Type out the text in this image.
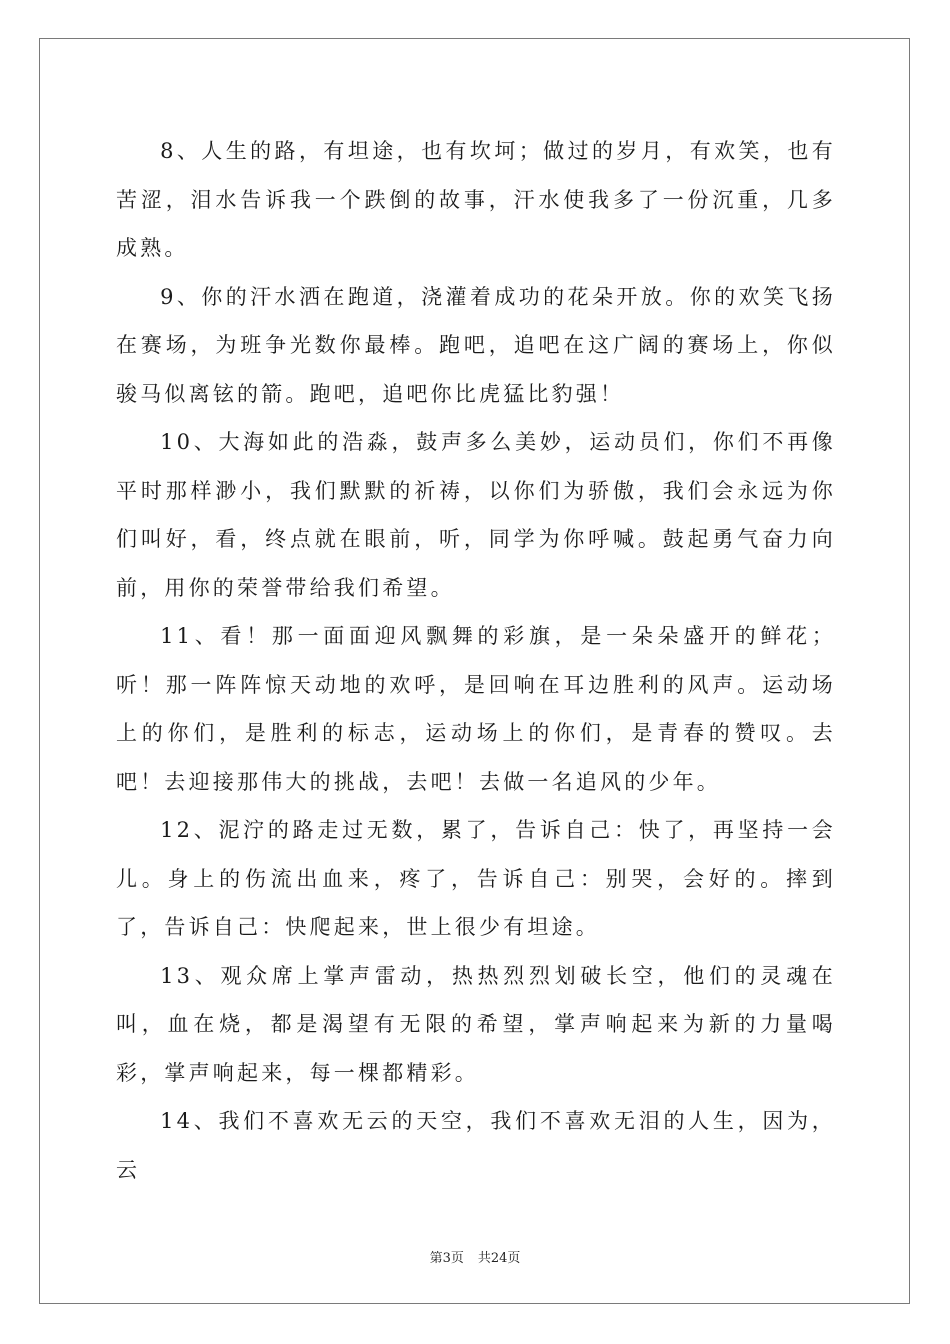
8、人生的路，有坦途，也有坎坷；做过的岁月，有欢笑，也有苦涩，泪水告诉我一个跌倒的故事，汗水使我多了一份沉重，几多成熟。

9、你的汗水洒在跑道，浇灌着成功的花朵开放。你的欢笑飞扬在赛场，为班争光数你最棒。跑吧，追吧在这广阔的赛场上，你似骏马似离铉的箭。跑吧，追吧你比虎猛比豹强！

10、大海如此的浩淼，鼓声多么美妙，运动员们，你们不再像平时那样渺小，我们默默的祈祷，以你们为骄傲，我们会永远为你们叫好，看，终点就在眼前，听，同学为你呼喊。鼓起勇气奋力向前，用你的荣誉带给我们希望。

11、看！那一面面迎风飘舞的彩旗，是一朵朵盛开的鲜花；听！那一阵阵惊天动地的欢呼，是回响在耳边胜利的风声。运动场上的你们，是胜利的标志，运动场上的你们，是青春的赞叹。去吧！去迎接那伟大的挑战，去吧！去做一名追风的少年。

12、泥泞的路走过无数，累了，告诉自己：快了，再坚持一会儿。身上的伤流出血来，疼了，告诉自己：别哭，会好的。摔到了，告诉自己：快爬起来，世上很少有坦途。

13、观众席上掌声雷动，热热烈烈划破长空，他们的灵魂在叫，血在烧，都是渴望有无限的希望，掌声响起来为新的力量喝彩，掌声响起来，每一棵都精彩。

14、我们不喜欢无云的天空，我们不喜欢无泪的人生，因为，云

第3页 共24页
